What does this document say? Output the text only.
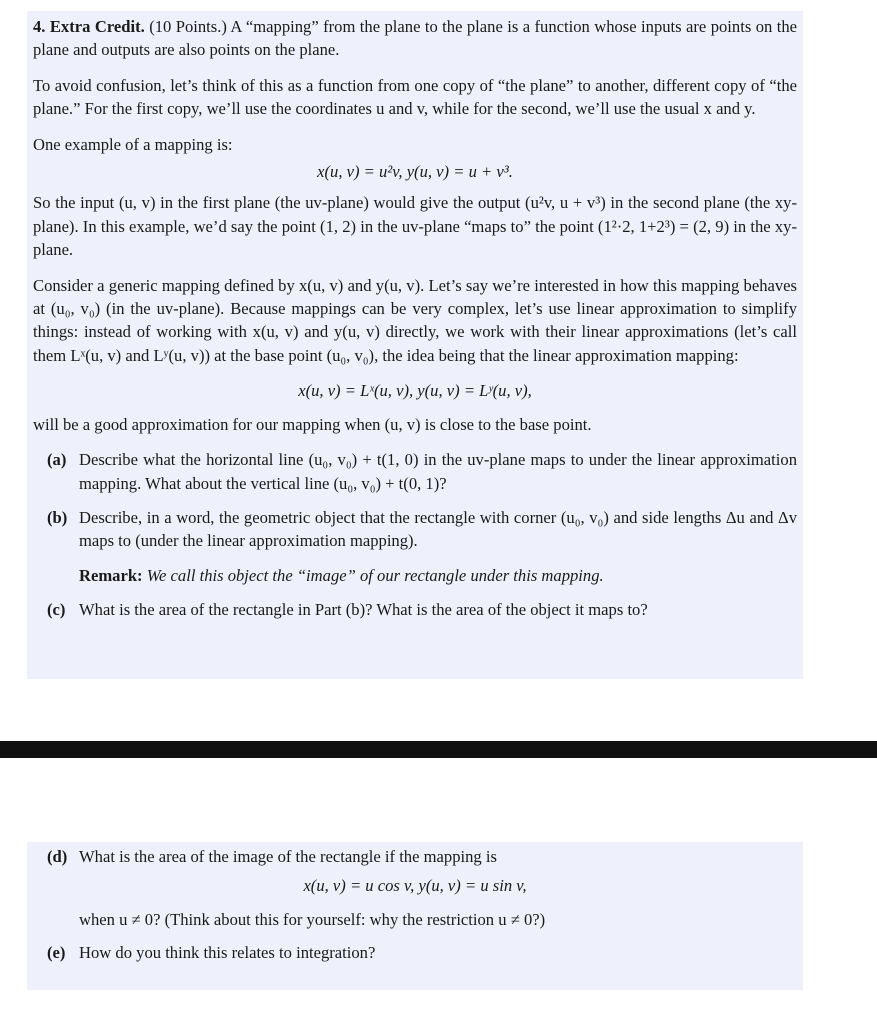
4. Extra Credit. (10 Points.) A “mapping” from the plane to the plane is a function whose inputs are points on the plane and outputs are also points on the plane.

To avoid confusion, let’s think of this as a function from one copy of “the plane” to another, different copy of “the plane.” For the first copy, we’ll use the coordinates u and v, while for the second, we’ll use the usual x and y.

One example of a mapping is:

x(u, v) = u²v, y(u, v) = u + v³.

So the input (u, v) in the first plane (the uv-plane) would give the output (u²v, u + v³) in the second plane (the xy-plane). In this example, we’d say the point (1, 2) in the uv-plane “maps to” the point (1²·2, 1+2³) = (2, 9) in the xy-plane.

Consider a generic mapping defined by x(u, v) and y(u, v). Let’s say we’re interested in how this mapping behaves at (u₀, v₀) (in the uv-plane). Because mappings can be very complex, let’s use linear approximation to simplify things: instead of working with x(u, v) and y(u, v) directly, we work with their linear approximations (let’s call them Lˣ(u, v) and Lʸ(u, v)) at the base point (u₀, v₀), the idea being that the linear approximation mapping:

x(u, v) = Lˣ(u, v), y(u, v) = Lʸ(u, v),

will be a good approximation for our mapping when (u, v) is close to the base point.

(a) Describe what the horizontal line (u₀, v₀) + t(1, 0) in the uv-plane maps to under the linear approximation mapping. What about the vertical line (u₀, v₀) + t(0, 1)?
(b) Describe, in a word, the geometric object that the rectangle with corner (u₀, v₀) and side lengths Δu and Δv maps to (under the linear approximation mapping).
Remark: We call this object the “image” of our rectangle under this mapping.
(c) What is the area of the rectangle in Part (b)? What is the area of the object it maps to?
(d) What is the area of the image of the rectangle if the mapping is

x(u, v) = u cos v, y(u, v) = u sin v,

when u ≠ 0? (Think about this for yourself: why the restriction u ≠ 0?)

(e) How do you think this relates to integration?
